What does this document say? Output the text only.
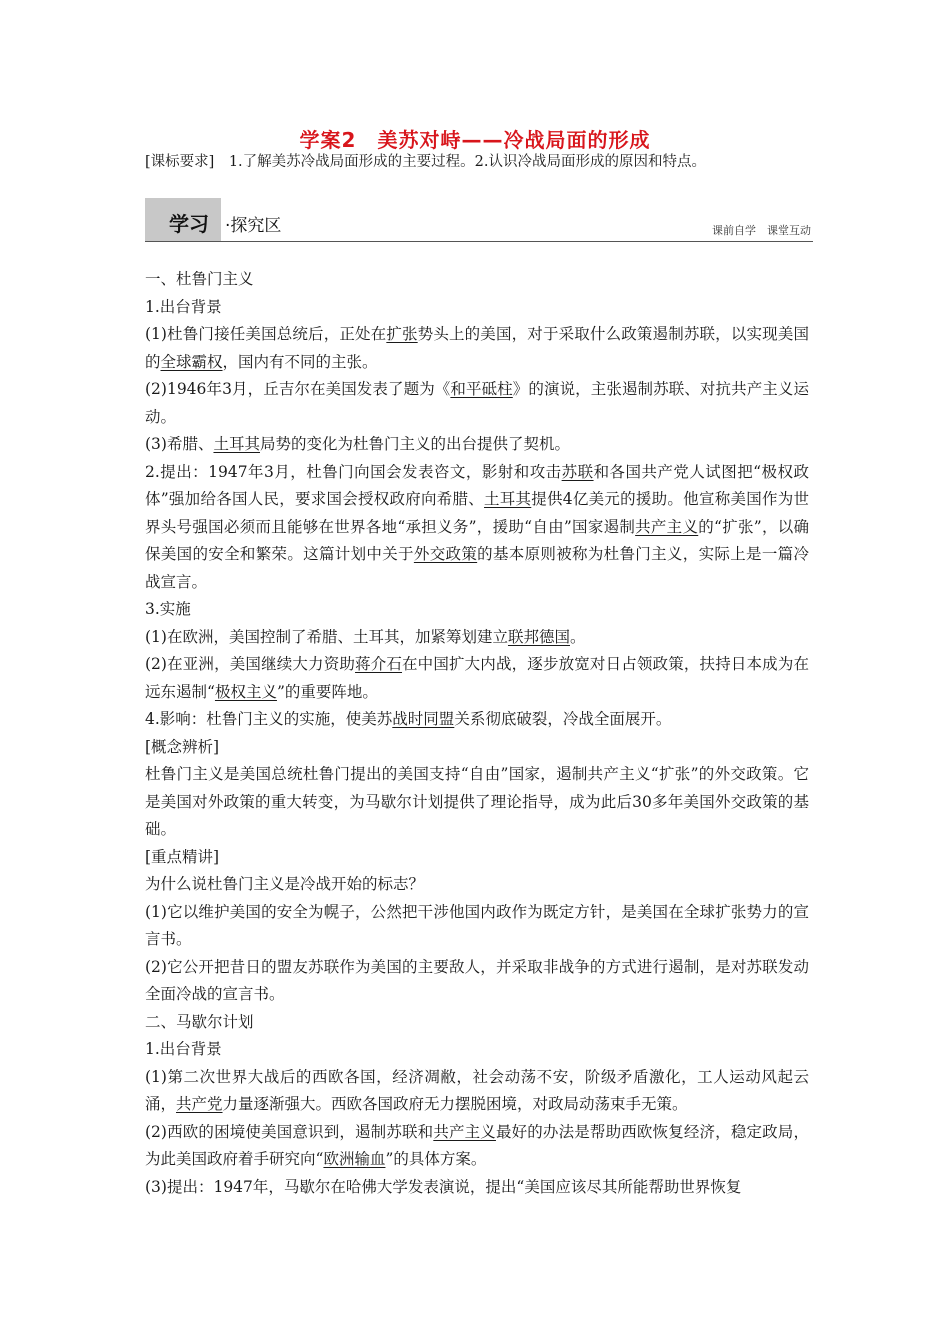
学案2　美苏对峙——冷战局面的形成
[课标要求]　1.了解美苏冷战局面形成的主要过程。2.认识冷战局面形成的原因和特点。
学习 ·探究区	课前自学　课堂互动

一、杜鲁门主义

1.出台背景

(1)杜鲁门接任美国总统后，正处在扩张势头上的美国，对于采取什么政策遏制苏联，以实现美国的全球霸权，国内有不同的主张。

(2)1946年3月，丘吉尔在美国发表了题为《和平砥柱》的演说，主张遏制苏联、对抗共产主义运动。

(3)希腊、土耳其局势的变化为杜鲁门主义的出台提供了契机。

2.提出：1947年3月，杜鲁门向国会发表咨文，影射和攻击苏联和各国共产党人试图把“极权政体”强加给各国人民，要求国会授权政府向希腊、土耳其提供4亿美元的援助。他宣称美国作为世界头号强国必须而且能够在世界各地“承担义务”，援助“自由”国家遏制共产主义的“扩张”，以确保美国的安全和繁荣。这篇计划中关于外交政策的基本原则被称为杜鲁门主义，实际上是一篇冷战宣言。

3.实施

(1)在欧洲，美国控制了希腊、土耳其，加紧筹划建立联邦德国。

(2)在亚洲，美国继续大力资助蒋介石在中国扩大内战，逐步放宽对日占领政策，扶持日本成为在远东遏制“极权主义”的重要阵地。

4.影响：杜鲁门主义的实施，使美苏战时同盟关系彻底破裂，冷战全面展开。

[概念辨析]

杜鲁门主义是美国总统杜鲁门提出的美国支持“自由”国家，遏制共产主义“扩张”的外交政策。它是美国对外政策的重大转变，为马歇尔计划提供了理论指导，成为此后30多年美国外交政策的基础。

[重点精讲]

为什么说杜鲁门主义是冷战开始的标志？

(1)它以维护美国的安全为幌子，公然把干涉他国内政作为既定方针，是美国在全球扩张势力的宣言书。

(2)它公开把昔日的盟友苏联作为美国的主要敌人，并采取非战争的方式进行遏制，是对苏联发动全面冷战的宣言书。

二、马歇尔计划

1.出台背景

(1)第二次世界大战后的西欧各国，经济凋敝，社会动荡不安，阶级矛盾激化，工人运动风起云涌，共产党力量逐渐强大。西欧各国政府无力摆脱困境，对政局动荡束手无策。

(2)西欧的困境使美国意识到，遏制苏联和共产主义最好的办法是帮助西欧恢复经济，稳定政局，为此美国政府着手研究向“欧洲输血”的具体方案。

(3)提出：1947年，马歇尔在哈佛大学发表演说，提出“美国应该尽其所能帮助世界恢复
